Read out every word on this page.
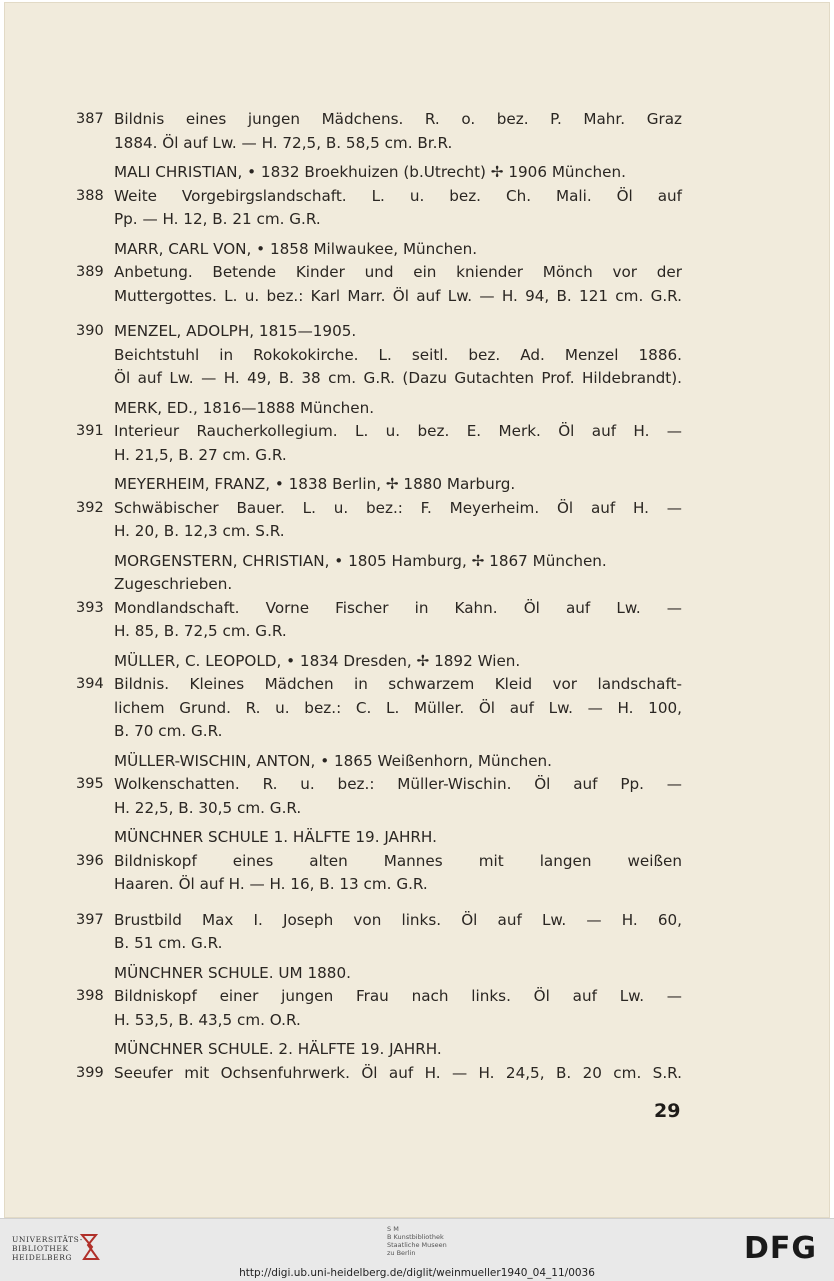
387 Bildnis eines jungen Mädchens. R. o. bez. P. Mahr. Graz
1884. Öl auf Lw. — H. 72,5, B. 58,5 cm. Br.R.
MALI CHRISTIAN, • 1832 Broekhuizen (b.Utrecht) ✢ 1906 München.
388 Weite Vorgebirgslandschaft. L. u. bez. Ch. Mali. Öl auf
Pp. — H. 12, B. 21 cm. G.R.
MARR, CARL VON, • 1858 Milwaukee, München.
389 Anbetung. Betende Kinder und ein kniender Mönch vor der
Muttergottes. L. u. bez.: Karl Marr. Öl auf Lw. — H. 94, B. 121 cm. G.R.
390 MENZEL, ADOLPH, 1815—1905.
Beichtstuhl in Rokokokirche. L. seitl. bez. Ad. Menzel 1886.
Öl auf Lw. — H. 49, B. 38 cm. G.R. (Dazu Gutachten Prof. Hildebrandt).
MERK, ED., 1816—1888 München.
391 Interieur Raucherkollegium. L. u. bez. E. Merk. Öl auf H. —
H. 21,5, B. 27 cm. G.R.
MEYERHEIM, FRANZ, • 1838 Berlin, ✢ 1880 Marburg.
392 Schwäbischer Bauer. L. u. bez.: F. Meyerheim. Öl auf H. —
H. 20, B. 12,3 cm. S.R.
MORGENSTERN, CHRISTIAN, • 1805 Hamburg, ✢ 1867 München.
Zugeschrieben.
393 Mondlandschaft. Vorne Fischer in Kahn. Öl auf Lw. —
H. 85, B. 72,5 cm. G.R.
MÜLLER, C. LEOPOLD, • 1834 Dresden, ✢ 1892 Wien.
394 Bildnis. Kleines Mädchen in schwarzem Kleid vor landschaft-
lichem Grund. R. u. bez.: C. L. Müller. Öl auf Lw. — H. 100,
B. 70 cm. G.R.
MÜLLER-WISCHIN, ANTON, • 1865 Weißenhorn, München.
395 Wolkenschatten. R. u. bez.: Müller-Wischin. Öl auf Pp. —
H. 22,5, B. 30,5 cm. G.R.
MÜNCHNER SCHULE 1. HÄLFTE 19. JAHRH.
396 Bildniskopf eines alten Mannes mit langen weißen
Haaren. Öl auf H. — H. 16, B. 13 cm. G.R.
397 Brustbild Max I. Joseph von links. Öl auf Lw. — H. 60,
B. 51 cm. G.R.
MÜNCHNER SCHULE. UM 1880.
398 Bildniskopf einer jungen Frau nach links. Öl auf Lw. —
H. 53,5, B. 43,5 cm. O.R.
MÜNCHNER SCHULE. 2. HÄLFTE 19. JAHRH.
399 Seeufer mit Ochsenfuhrwerk. Öl auf H. — H. 24,5, B. 20 cm. S.R.
29
UNIVERSITÄTS-
BIBLIOTHEK
HEIDELBERG
S M
B Kunstbibliothek
Staatliche Museen
zu Berlin	DFG
http://digi.ub.uni-heidelberg.de/diglit/weinmueller1940_04_11/0036
